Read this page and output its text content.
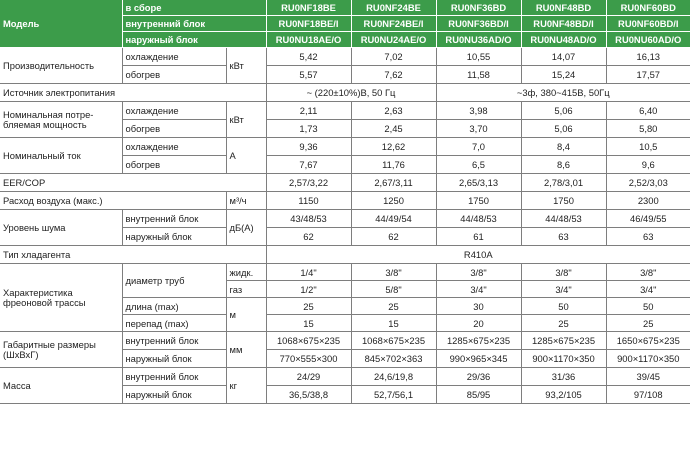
Модель	в сборе		RU0NF18BE	RU0NF24BE	RU0NF36BD	RU0NF48BD	RU0NF60BD
	внутренний блок		RU0NF18BE/I	RU0NF24BE/I	RU0NF36BD/I	RU0NF48BD/I	RU0NF60BD/I
	наружный блок		RU0NU18AE/O	RU0NU24AE/O	RU0NU36AD/O	RU0NU48AD/O	RU0NU60AD/O
Производительность	охлаждение	кВт	5,42	7,02	10,55	14,07	16,13
	обогрев		5,57	7,62	11,58	15,24	17,57
Источник электропитания			~ (220±10%)В, 50 Гц		~3ф, 380~415В, 50Гц		
Номинальная потре-бляемая мощность	охлаждение	кВт	2,11	2,63	3,98	5,06	6,40
	обогрев		1,73	2,45	3,70	5,06	5,80
Номинальный ток	охлаждение	А	9,36	12,62	7,0	8,4	10,5
	обогрев		7,67	11,76	6,5	8,6	9,6
EER/COP			2,57/3,22	2,67/3,11	2,65/3,13	2,78/3,01	2,52/3,03
Расход воздуха (макс.)		м³/ч	1150	1250	1750	1750	2300
Уровень шума	внутренний блок	дБ(А)	43/48/53	44/49/54	44/48/53	44/48/53	46/49/55
	наружный блок		62	62	61	63	63
Тип хладагента			R410A				
Характеристика фреоновой трассы	диаметр труб	жидк.	1/4"	3/8"	3/8"	3/8"	3/8"
		газ	1/2"	5/8"	3/4"	3/4"	3/4"
	длина (max)	м	25	25	30	50	50
	перепад (max)		15	15	20	25	25
Габаритные размеры (ШхВхГ)	внутренний блок	мм	1068×675×235	1068×675×235	1285×675×235	1285×675×235	1650×675×235
	наружный блок		770×555×300	845×702×363	990×965×345	900×1170×350	900×1170×350
Масса	внутренний блок	кг	24/29	24,6/19,8	29/36	31/36	39/45
	наружный блок		36,5/38,8	52,7/56,1	85/95	93,2/105	97/108
